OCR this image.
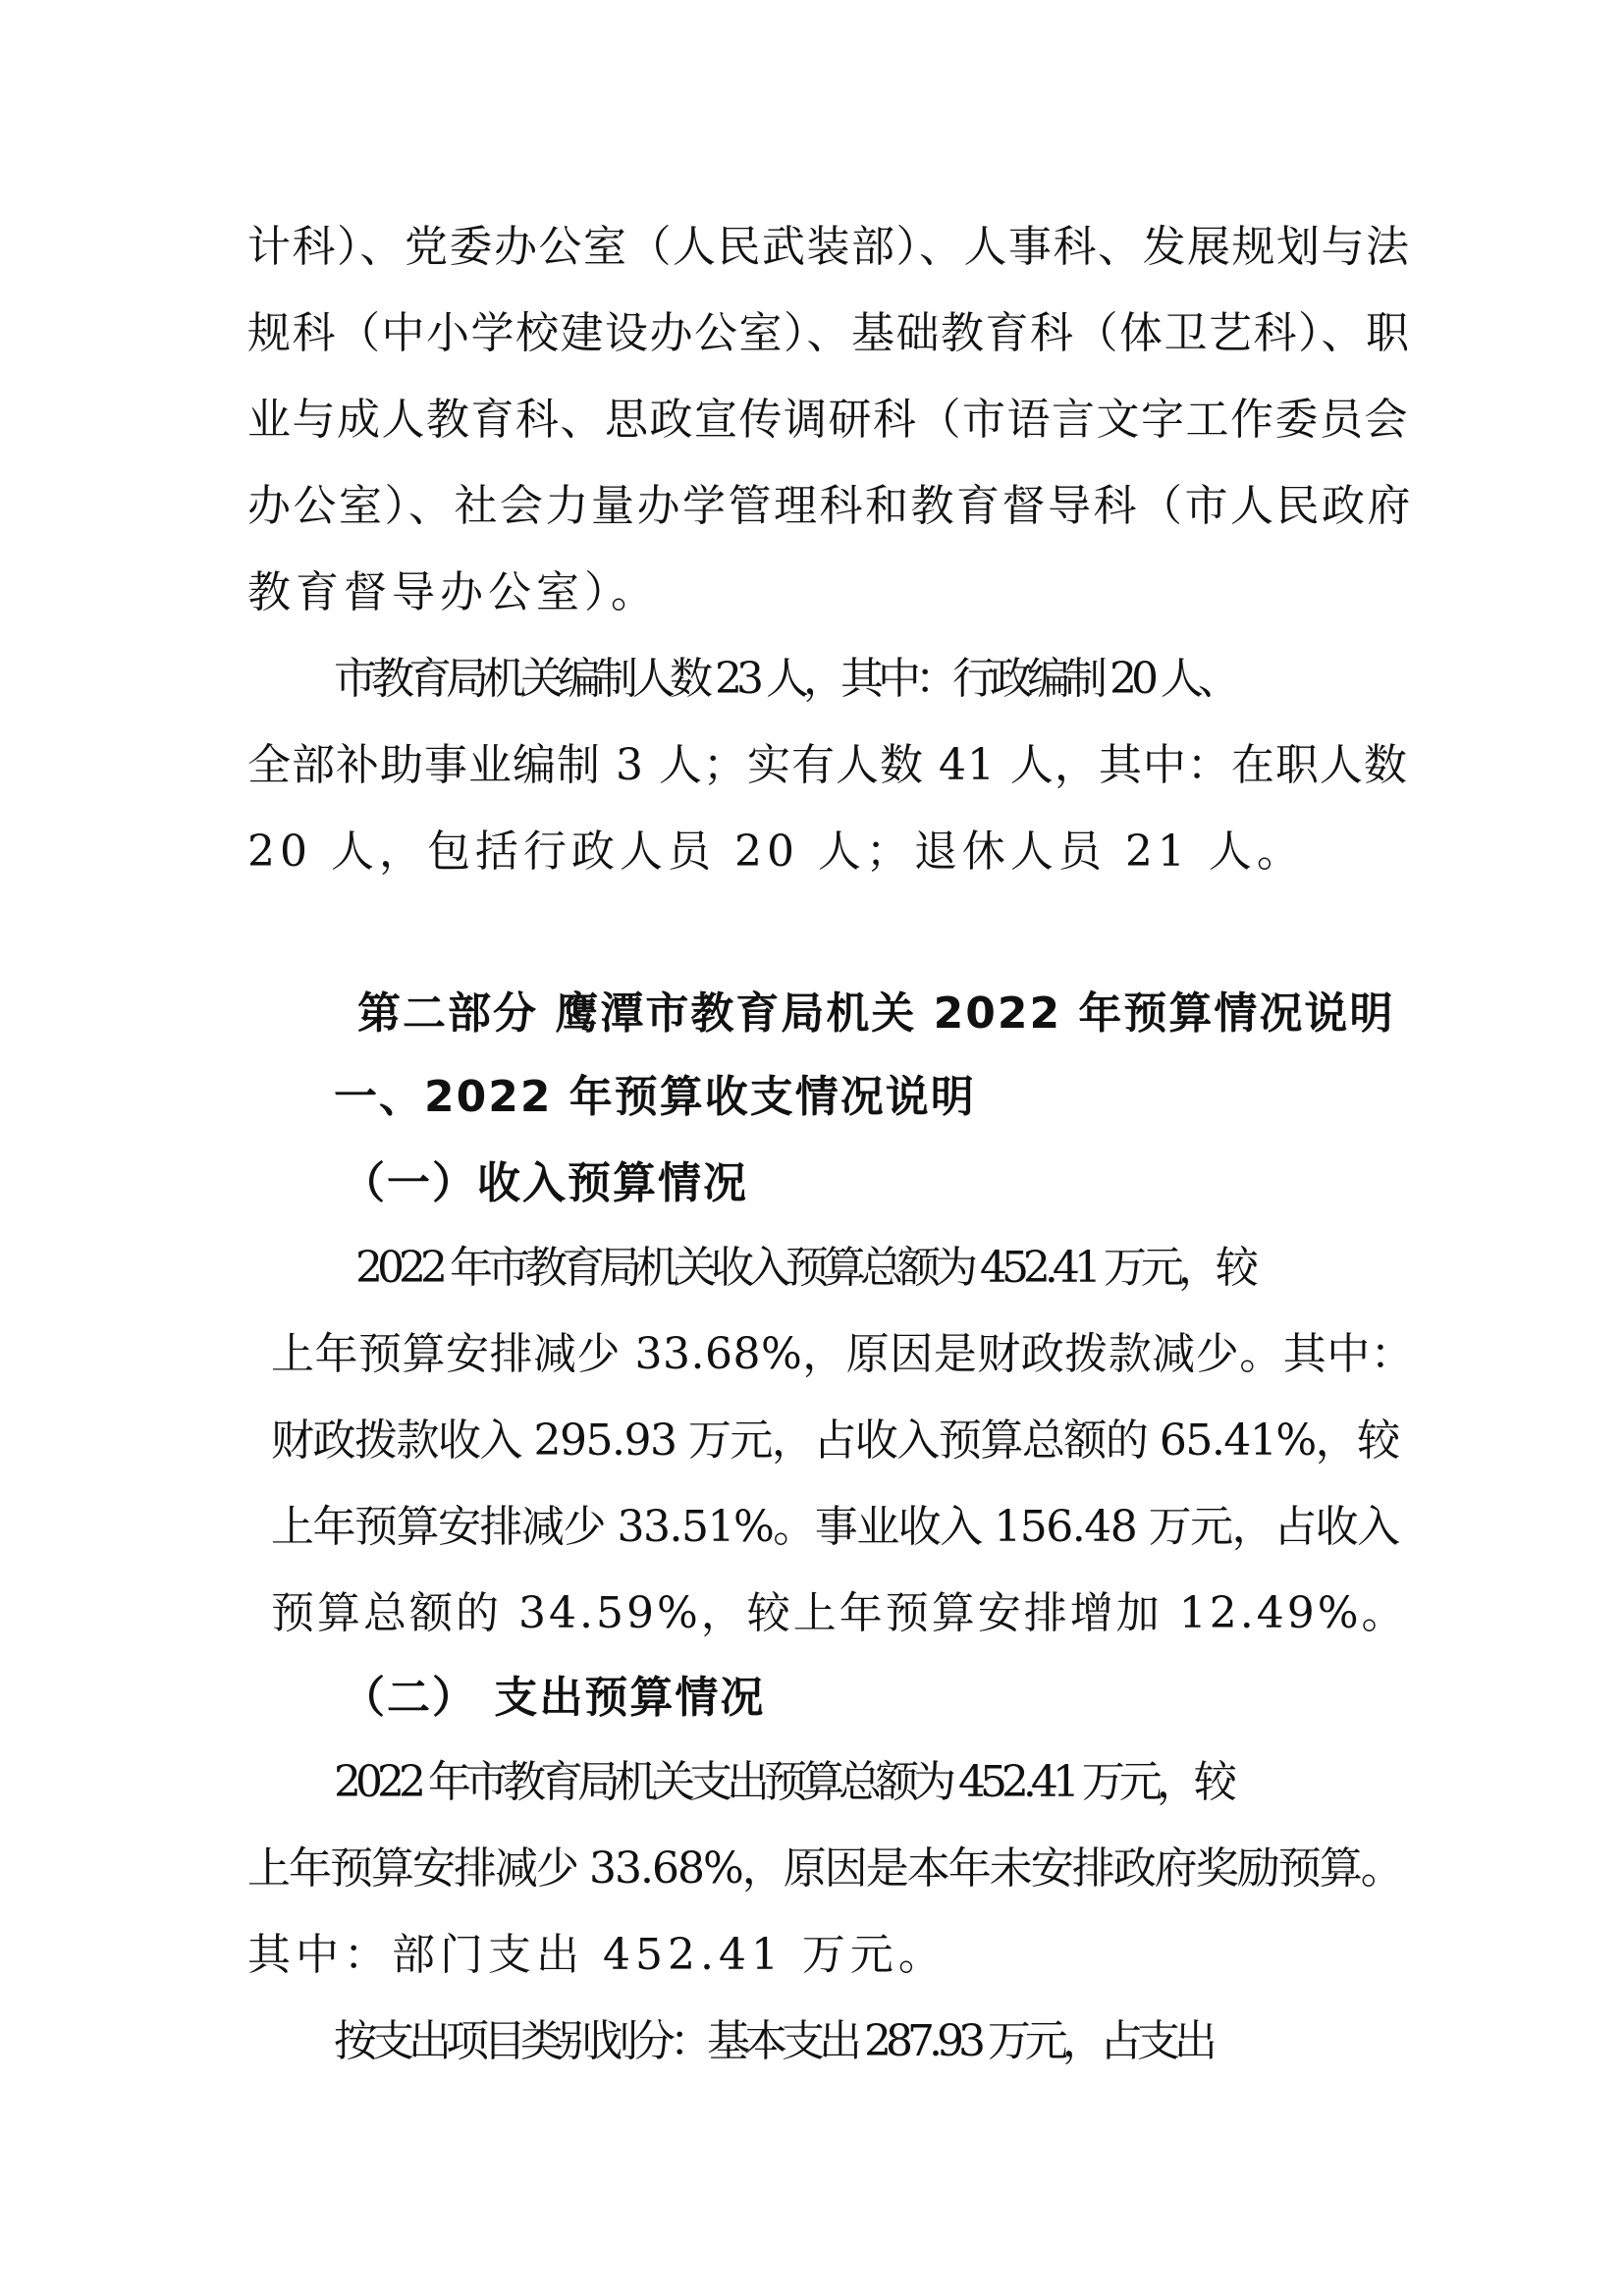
计科）、党委办公室（人民武装部）、人事科、发展规划与法
规科（中小学校建设办公室）、基础教育科（体卫艺科）、职
业与成人教育科、思政宣传调研科（市语言文字工作委员会
办公室）、社会力量办学管理科和教育督导科（市人民政府
教育督导办公室）。
市教育局机关编制人数 23 人，其中：行政编制 20 人、
全部补助事业编制 3 人；实有人数 41 人，其中：在职人数
20 人，包括行政人员 20 人；退休人员 21 人。
第二部分 鹰潭市教育局机关 2022 年预算情况说明
一、2022 年预算收支情况说明
（一）收入预算情况
2022 年市教育局机关收入预算总额为 452.41 万元，较
上年预算安排减少 33.68%，原因是财政拨款减少。其中：
财政拨款收入 295.93 万元，占收入预算总额的 65.41%，较
上年预算安排减少 33.51%。事业收入 156.48 万元，占收入
预算总额的 34.59%，较上年预算安排增加 12.49%。
（二） 支出预算情况
2022 年市教育局机关支出预算总额为 452.41 万元，较
上年预算安排减少 33.68%，原因是本年未安排政府奖励预算。
其中：部门支出 452.41 万元。
按支出项目类别划分：基本支出 287.93 万元，占支出
